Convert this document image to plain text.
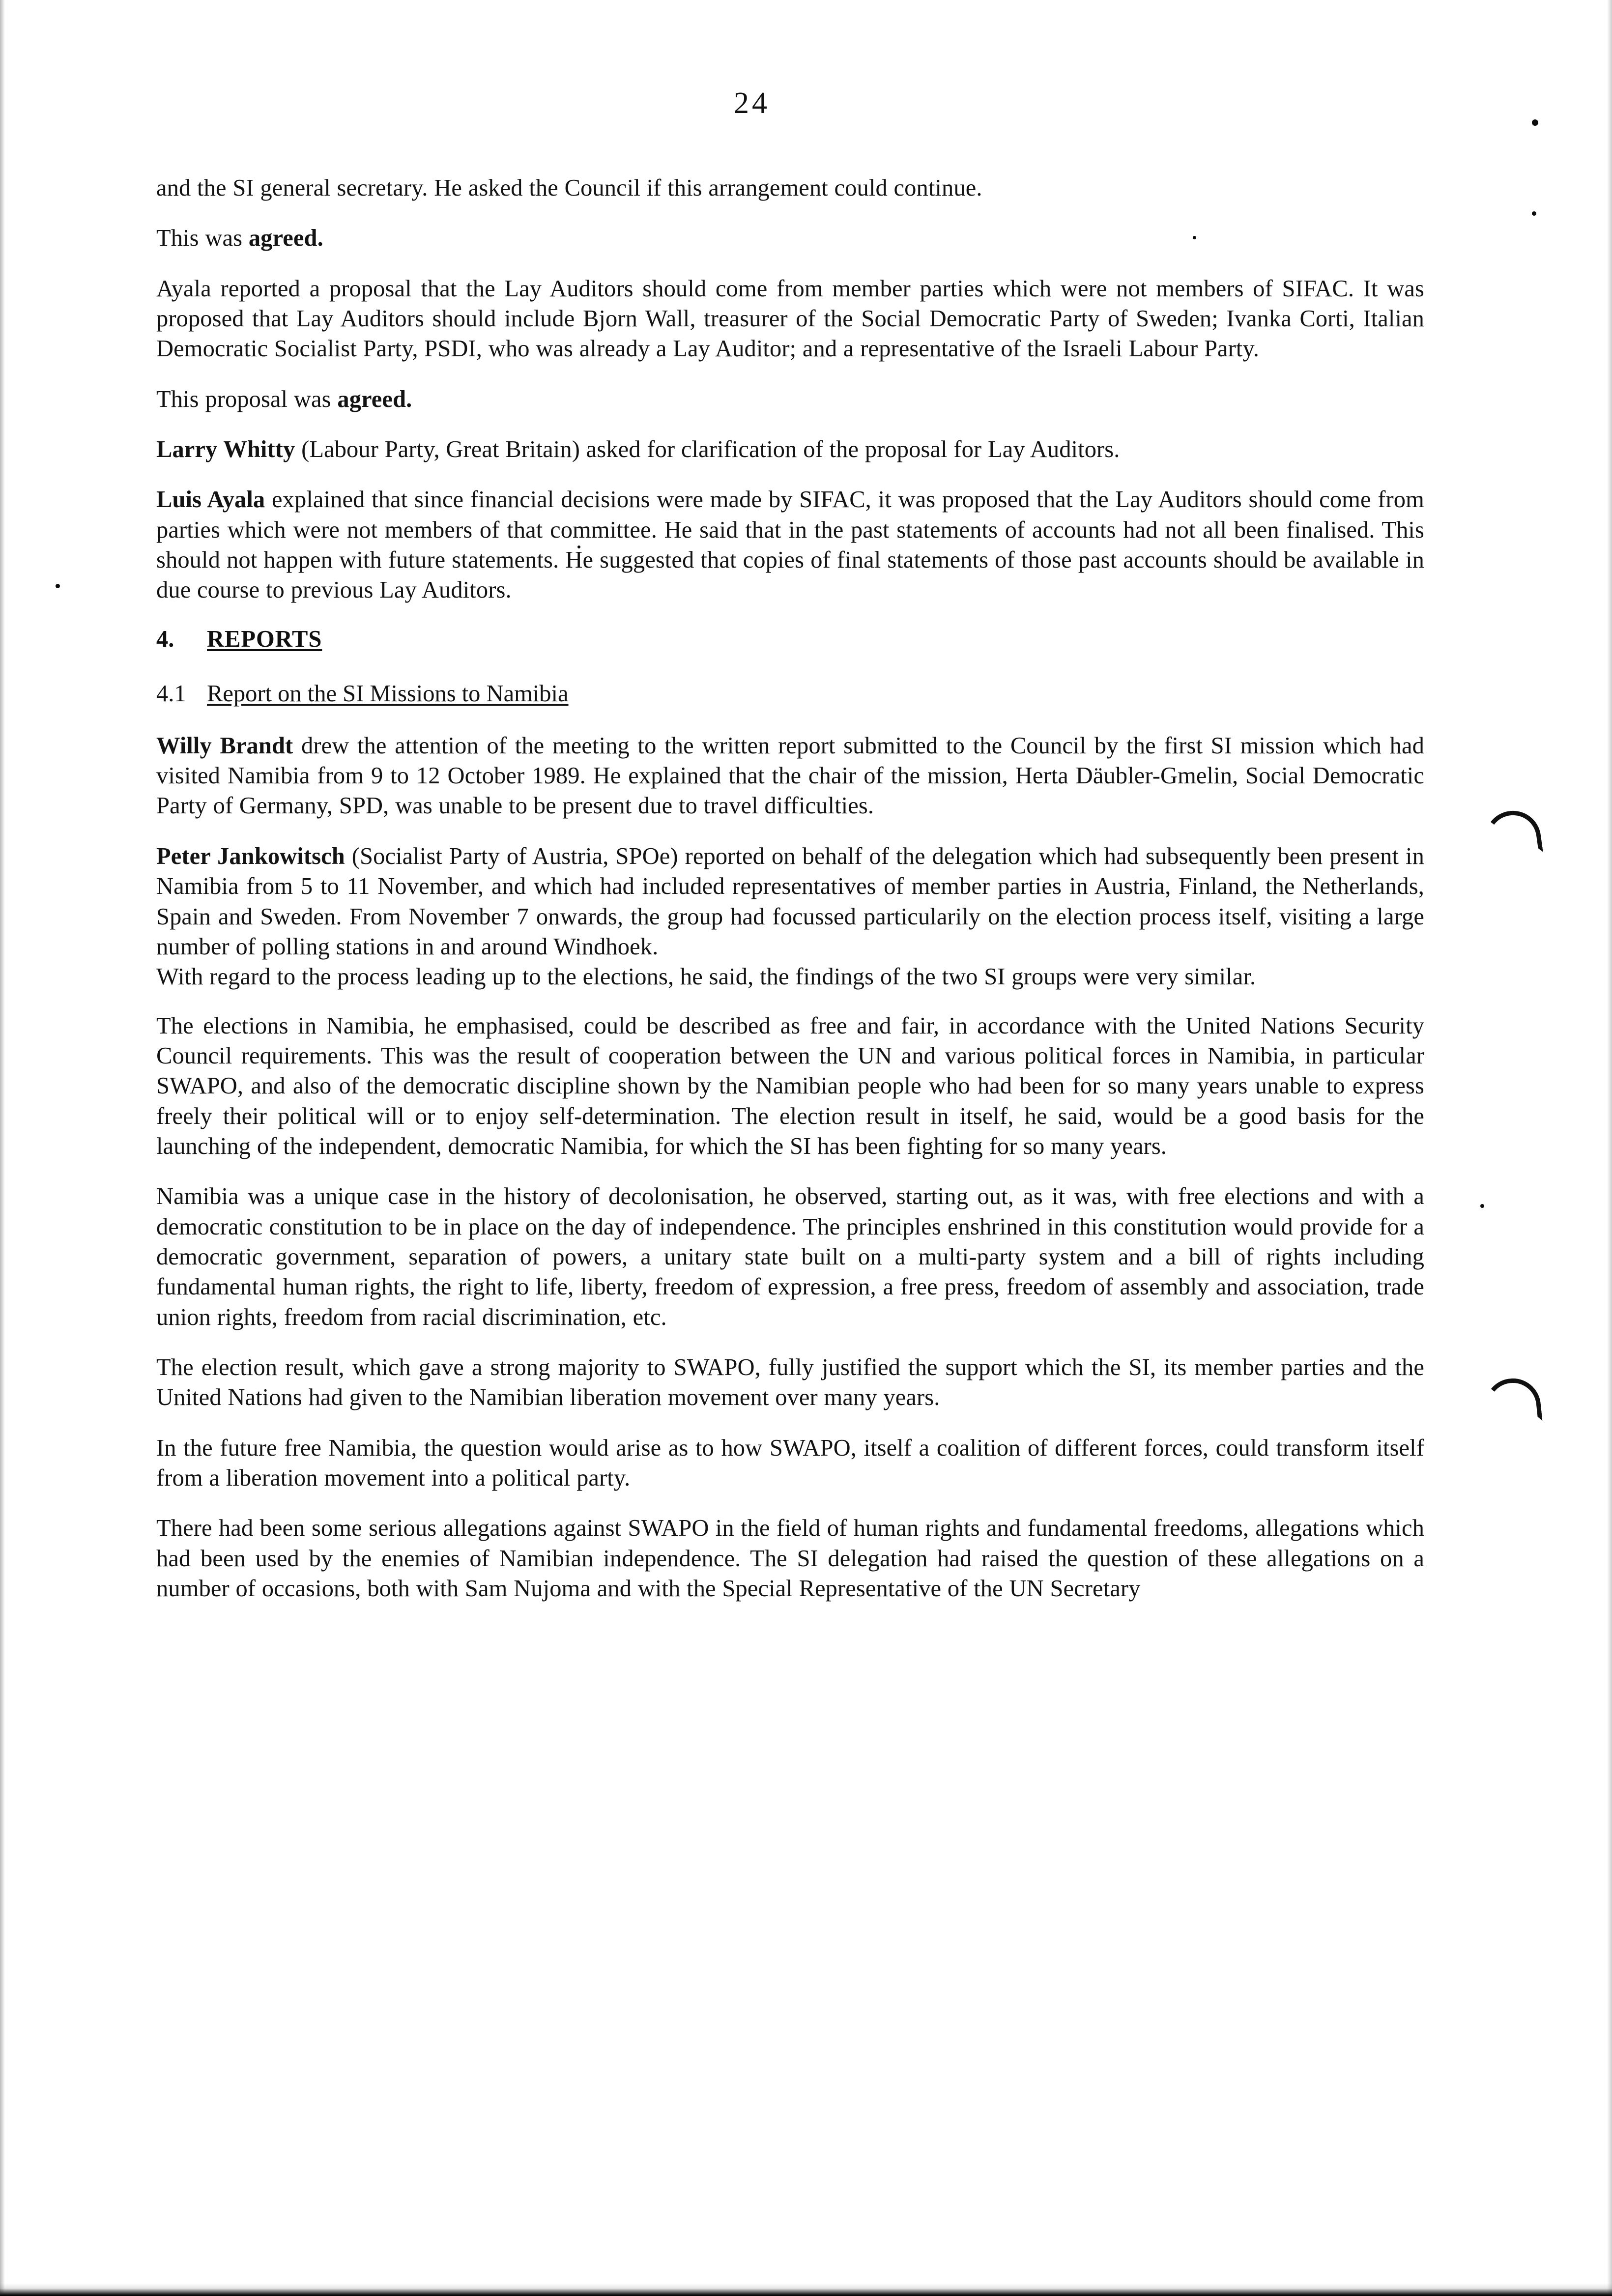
24

and the SI general secretary. He asked the Council if this arrangement could continue.

This was agreed.

Ayala reported a proposal that the Lay Auditors should come from member parties which were not members of SIFAC. It was proposed that Lay Auditors should include Bjorn Wall, treasurer of the Social Democratic Party of Sweden; Ivanka Corti, Italian Democratic Socialist Party, PSDI, who was already a Lay Auditor; and a representative of the Israeli Labour Party.

This proposal was agreed.

Larry Whitty (Labour Party, Great Britain) asked for clarification of the proposal for Lay Auditors.

Luis Ayala explained that since financial decisions were made by SIFAC, it was proposed that the Lay Auditors should come from parties which were not members of that committee. He said that in the past statements of accounts had not all been finalised. This should not happen with future statements. He suggested that copies of final statements of those past accounts should be available in due course to previous Lay Auditors.

4.	REPORTS
4.1 Report on the SI Missions to Namibia

Willy Brandt drew the attention of the meeting to the written report submitted to the Council by the first SI mission which had visited Namibia from 9 to 12 October 1989. He explained that the chair of the mission, Herta Däubler-Gmelin, Social Democratic Party of Germany, SPD, was unable to be present due to travel difficulties.

Peter Jankowitsch (Socialist Party of Austria, SPOe) reported on behalf of the delegation which had subsequently been present in Namibia from 5 to 11 November, and which had included representatives of member parties in Austria, Finland, the Netherlands, Spain and Sweden. From November 7 onwards, the group had focussed particularily on the election process itself, visiting a large number of polling stations in and around Windhoek.
With regard to the process leading up to the elections, he said, the findings of the two SI groups were very similar.

The elections in Namibia, he emphasised, could be described as free and fair, in accordance with the United Nations Security Council requirements. This was the result of cooperation between the UN and various political forces in Namibia, in particular SWAPO, and also of the democratic discipline shown by the Namibian people who had been for so many years unable to express freely their political will or to enjoy self-determination. The election result in itself, he said, would be a good basis for the launching of the independent, democratic Namibia, for which the SI has been fighting for so many years.

Namibia was a unique case in the history of decolonisation, he observed, starting out, as it was, with free elections and with a democratic constitution to be in place on the day of independence. The principles enshrined in this constitution would provide for a democratic government, separation of powers, a unitary state built on a multi-party system and a bill of rights including fundamental human rights, the right to life, liberty, freedom of expression, a free press, freedom of assembly and association, trade union rights, freedom from racial discrimination, etc.

The election result, which gave a strong majority to SWAPO, fully justified the support which the SI, its member parties and the United Nations had given to the Namibian liberation movement over many years.

In the future free Namibia, the question would arise as to how SWAPO, itself a coalition of different forces, could transform itself from a liberation movement into a political party.

There had been some serious allegations against SWAPO in the field of human rights and fundamental freedoms, allegations which had been used by the enemies of Namibian independence. The SI delegation had raised the question of these allegations on a number of occasions, both with Sam Nujoma and with the Special Representative of the UN Secretary
